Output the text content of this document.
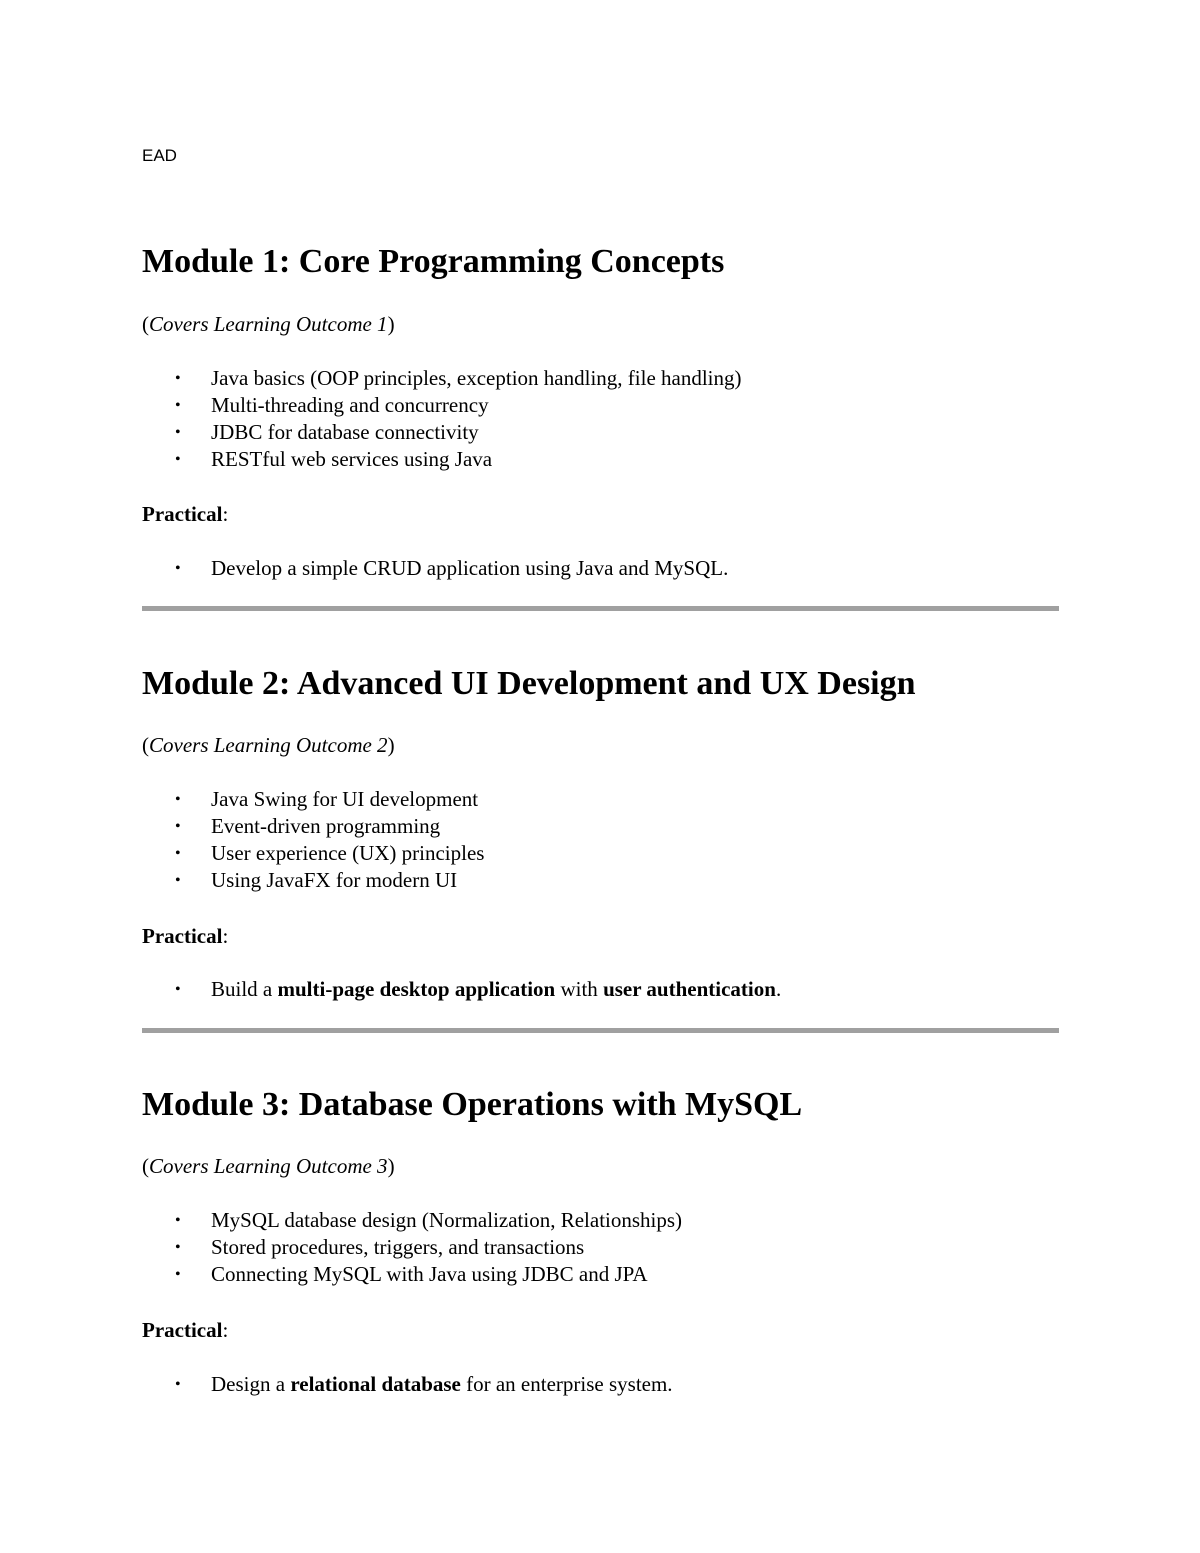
EAD
Module 1: Core Programming Concepts
(Covers Learning Outcome 1)
• Java basics (OOP principles, exception handling, file handling)
• Multi-threading and concurrency
• JDBC for database connectivity
• RESTful web services using Java
Practical:
• Develop a simple CRUD application using Java and MySQL.
Module 2: Advanced UI Development and UX Design
(Covers Learning Outcome 2)
• Java Swing for UI development
• Event-driven programming
• User experience (UX) principles
• Using JavaFX for modern UI
Practical:
• Build a multi-page desktop application with user authentication.
Module 3: Database Operations with MySQL
(Covers Learning Outcome 3)
• MySQL database design (Normalization, Relationships)
• Stored procedures, triggers, and transactions
• Connecting MySQL with Java using JDBC and JPA
Practical:
• Design a relational database for an enterprise system.
